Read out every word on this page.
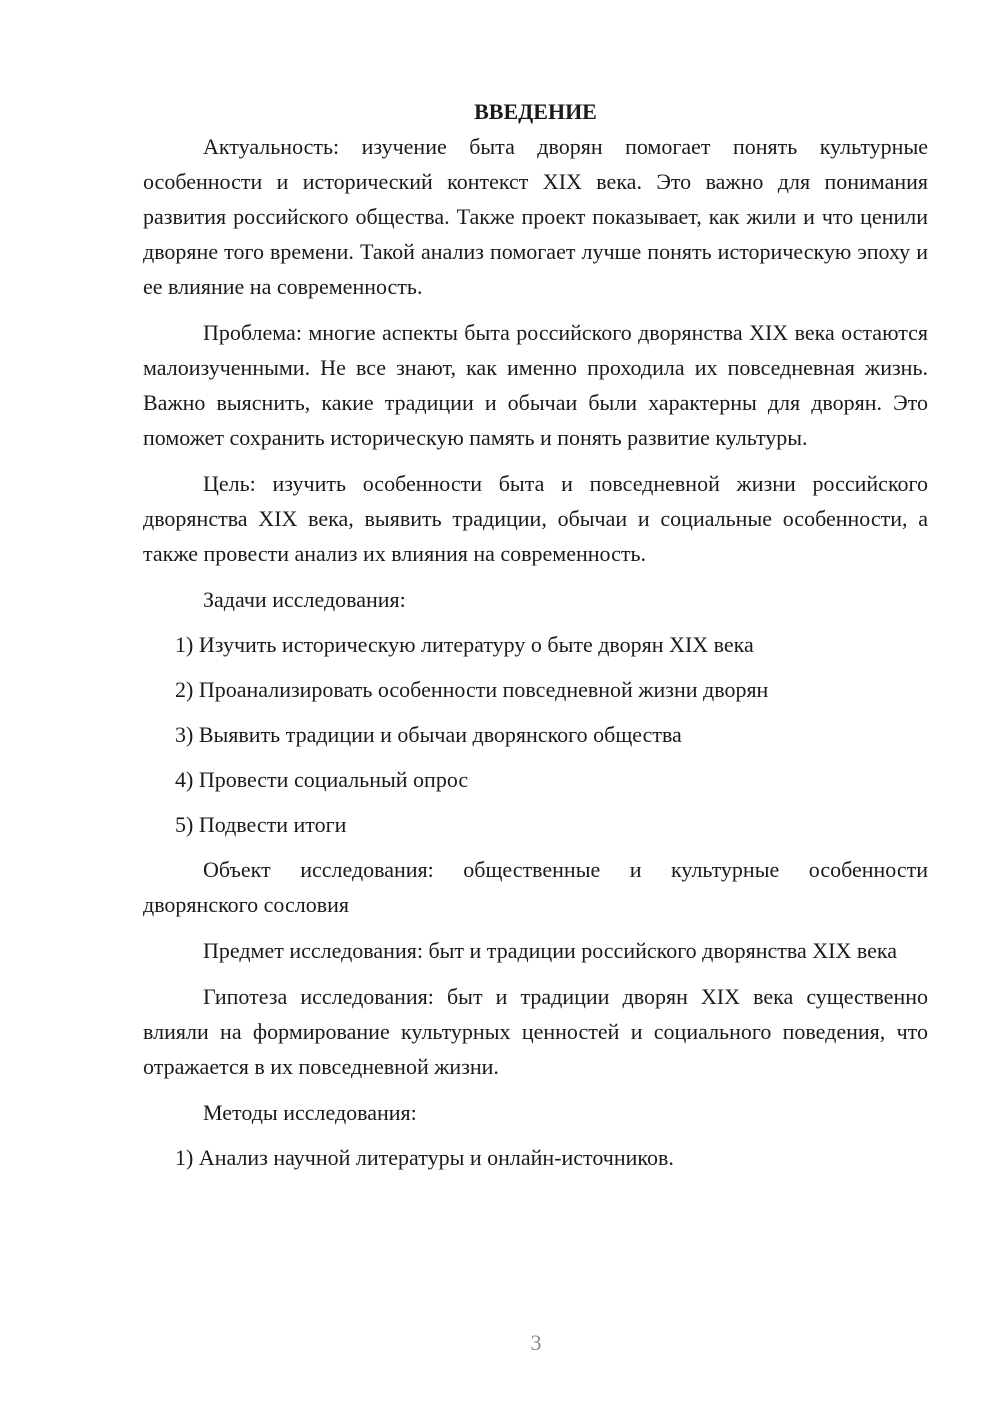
ВВЕДЕНИЕ

Актуальность: изучение быта дворян помогает понять культурные особенности и исторический контекст XIX века. Это важно для понимания развития российского общества. Также проект показывает, как жили и что ценили дворяне того времени. Такой анализ помогает лучше понять историческую эпоху и ее влияние на современность.

Проблема: многие аспекты быта российского дворянства XIX века остаются малоизученными. Не все знают, как именно проходила их повседневная жизнь. Важно выяснить, какие традиции и обычаи были характерны для дворян. Это поможет сохранить историческую память и понять развитие культуры.

Цель: изучить особенности быта и повседневной жизни российского дворянства XIX века, выявить традиции, обычаи и социальные особенности, а также провести анализ их влияния на современность.

Задачи исследования:

1) Изучить историческую литературу о быте дворян XIX века
2) Проанализировать особенности повседневной жизни дворян
3) Выявить традиции и обычаи дворянского общества
4) Провести социальный опрос
5) Подвести итоги

Объект исследования: общественные и культурные особенности дворянского сословия

Предмет исследования: быт и традиции российского дворянства XIX века

Гипотеза исследования: быт и традиции дворян XIX века существенно влияли на формирование культурных ценностей и социального поведения, что отражается в их повседневной жизни.

Методы исследования:

1) Анализ научной литературы и онлайн-источников.
3
